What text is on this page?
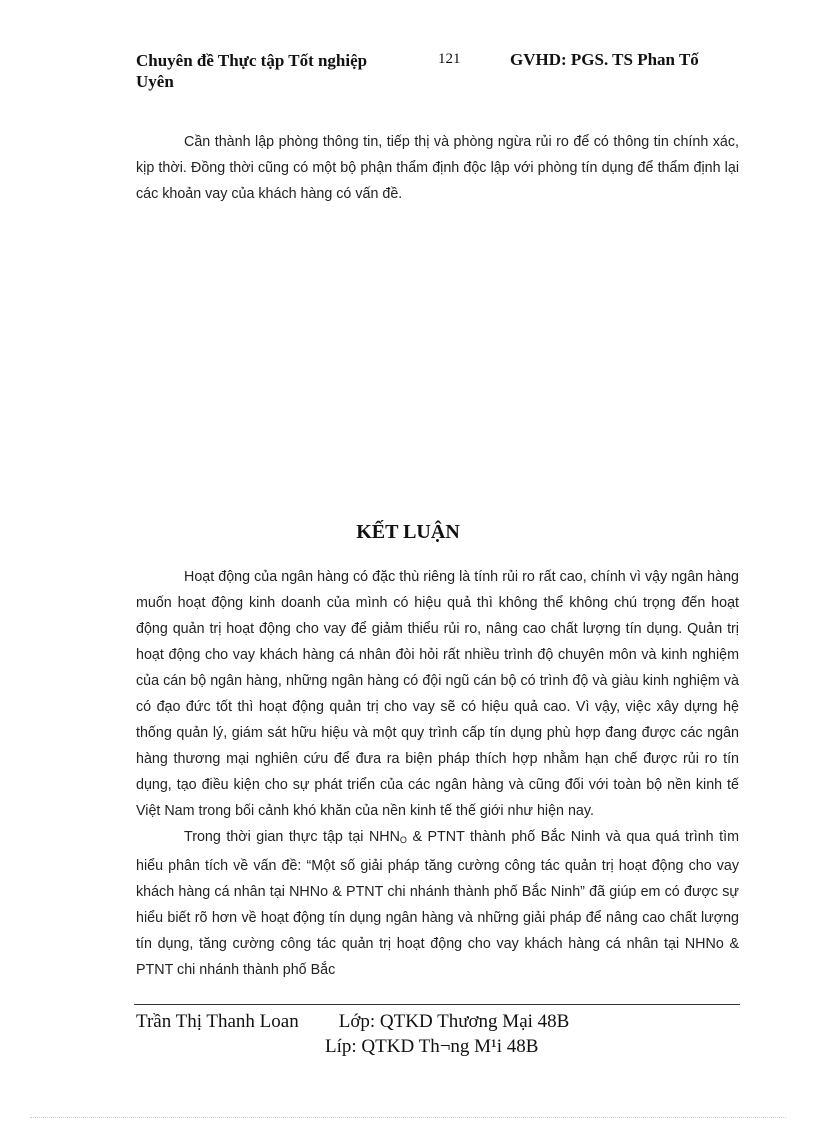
Chuyên đề Thực tập Tốt nghiệp
Uyên
121	GVHD: PGS. TS Phan Tố

Cần thành lập phòng thông tin, tiếp thị và phòng ngừa rủi ro để có thông tin chính xác, kịp thời. Đồng thời cũng có một bộ phận thẩm định độc lập với phòng tín dụng để thẩm định lại các khoản vay của khách hàng có vấn đề.

KẾT LUẬN

Hoạt động của ngân hàng có đặc thù riêng là tính rủi ro rất cao, chính vì vậy ngân hàng muốn hoạt động kinh doanh của mình có hiệu quả thì không thể không chú trọng đến hoạt động quản trị hoạt động cho vay để giảm thiểu rủi ro, nâng cao chất lượng tín dụng. Quản trị hoạt động cho vay khách hàng cá nhân đòi hỏi rất nhiều trình độ chuyên môn và kinh nghiệm của cán bộ ngân hàng, những ngân hàng có đội ngũ cán bộ có trình độ và giàu kinh nghiệm và có đạo đức tốt thì hoạt động quản trị cho vay sẽ có hiệu quả cao. Vì vậy, việc xây dựng hệ thống quản lý, giám sát hữu hiệu và một quy trình cấp tín dụng phù hợp đang được các ngân hàng thương mại nghiên cứu để đưa ra biện pháp thích hợp nhằm hạn chế được rủi ro tín dụng, tạo điều kiện cho sự phát triển của các ngân hàng và cũng đối với toàn bộ nền kinh tế Việt Nam trong bối cảnh khó khăn của nền kinh tế thế giới như hiện nay.

Trong thời gian thực tập tại $NHN_O$ & PTNT thành phố Bắc Ninh và qua quá trình tìm hiểu phân tích về vấn đề: “Một số giải pháp tăng cường công tác quản trị hoạt động cho vay khách hàng cá nhân tại NHNo & PTNT chi nhánh thành phố Bắc Ninh” đã giúp em có được sự hiểu biết rõ hơn về hoạt động tín dụng ngân hàng và những giải pháp để nâng cao chất lượng tín dụng, tăng cường công tác quản trị hoạt động cho vay khách hàng cá nhân tại NHNo & PTNT chi nhánh thành phố Bắc

Trần Thị Thanh Loan Lớp: QTKD Thương Mại 48B
Líp: QTKD Th¬ng M¹i 48B
